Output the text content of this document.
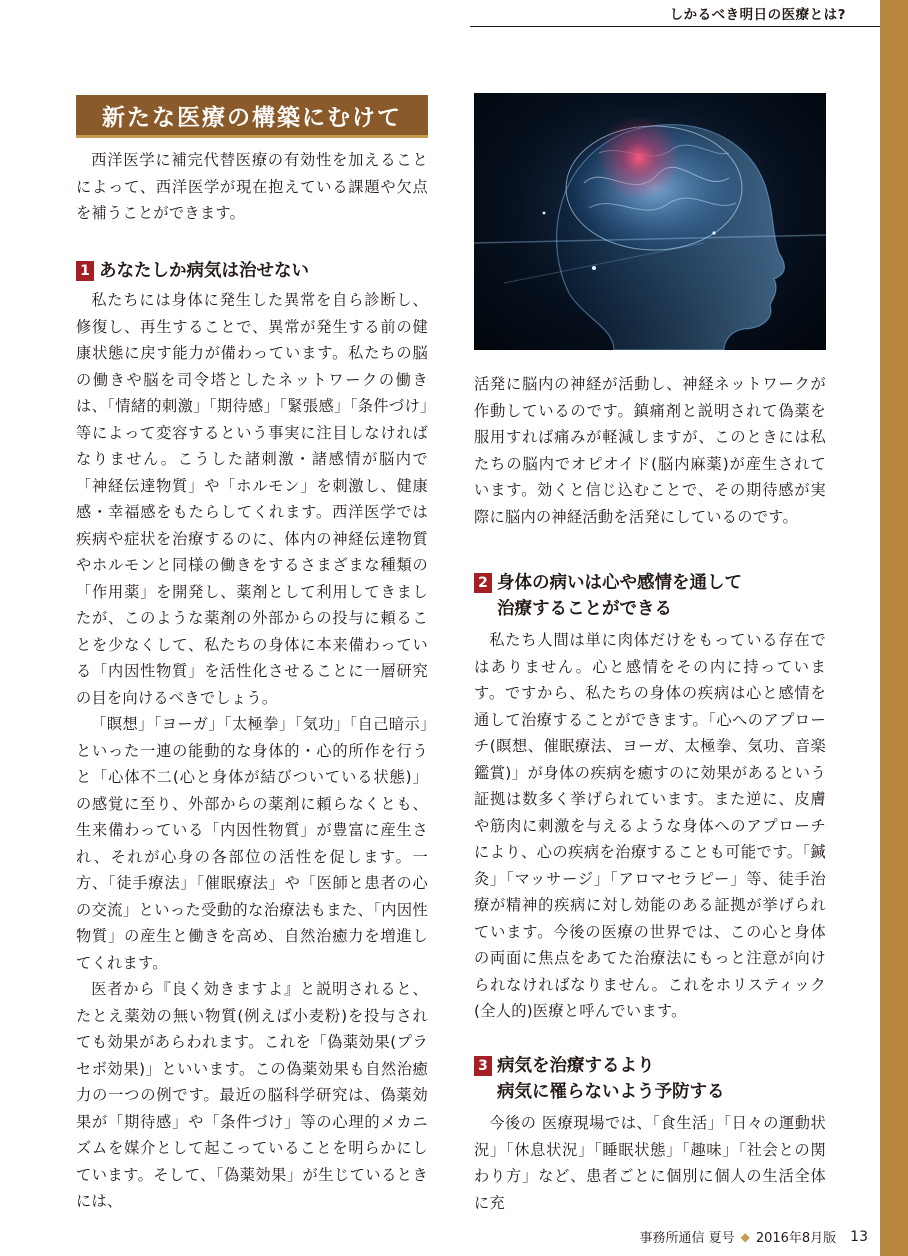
しかるべき明日の医療とは?
新たな医療の構築にむけて

西洋医学に補完代替医療の有効性を加えることによって、西洋医学が現在抱えている課題や欠点を補うことができます。

1 あなたしか病気は治せない

私たちには身体に発生した異常を自ら診断し、修復し、再生することで、異常が発生する前の健康状態に戻す能力が備わっています。私たちの脳の働きや脳を司令塔としたネットワークの働きは、「情緒的刺激」「期待感」「緊張感」「条件づけ」等によって変容するという事実に注目しなければなりません。こうした諸刺激・諸感情が脳内で「神経伝達物質」や「ホルモン」を刺激し、健康感・幸福感をもたらしてくれます。西洋医学では疾病や症状を治療するのに、体内の神経伝達物質やホルモンと同様の働きをするさまざまな種類の「作用薬」を開発し、薬剤として利用してきましたが、このような薬剤の外部からの投与に頼ることを少なくして、私たちの身体に本来備わっている「内因性物質」を活性化させることに一層研究の目を向けるべきでしょう。

「瞑想」「ヨーガ」「太極拳」「気功」「自己暗示」といった一連の能動的な身体的・心的所作を行うと「心体不二(心と身体が結びついている状態)」の感覚に至り、外部からの薬剤に頼らなくとも、生来備わっている「内因性物質」が豊富に産生され、それが心身の各部位の活性を促します。一方、「徒手療法」「催眠療法」や「医師と患者の心の交流」といった受動的な治療法もまた、「内因性物質」の産生と働きを高め、自然治癒力を増進してくれます。

医者から『良く効きますよ』と説明されると、たとえ薬効の無い物質(例えば小麦粉)を投与されても効果があらわれます。これを「偽薬効果(プラセボ効果)」といいます。この偽薬効果も自然治癒力の一つの例です。最近の脳科学研究は、偽薬効果が「期待感」や「条件づけ」等の心理的メカニズムを媒介として起こっていることを明らかにしています。そして、「偽薬効果」が生じているときには、

活発に脳内の神経が活動し、神経ネットワークが作動しているのです。鎮痛剤と説明されて偽薬を服用すれば痛みが軽減しますが、このときには私たちの脳内でオピオイド(脳内麻薬)が産生されています。効くと信じ込むことで、その期待感が実際に脳内の神経活動を活発にしているのです。

2 身体の病いは心や感情を通して
治療することができる

私たち人間は単に肉体だけをもっている存在ではありません。心と感情をその内に持っています。ですから、私たちの身体の疾病は心と感情を通して治療することができます。「心へのアプローチ(瞑想、催眠療法、ヨーガ、太極拳、気功、音楽鑑賞)」が身体の疾病を癒すのに効果があるという証拠は数多く挙げられています。また逆に、皮膚や筋肉に刺激を与えるような身体へのアプローチにより、心の疾病を治療することも可能です。「鍼灸」「マッサージ」「アロマセラピー」等、徒手治療が精神的疾病に対し効能のある証拠が挙げられています。今後の医療の世界では、この心と身体の両面に焦点をあてた治療法にもっと注意が向けられなければなりません。これをホリスティック(全人的)医療と呼んでいます。

3 病気を治療するより
病気に罹らないよう予防する

今後の 医療現場では、「食生活」「日々の運動状況」「休息状況」「睡眠状態」「趣味」「社会との関わり方」など、患者ごとに個別に個人の生活全体に充

事務所通信 夏号 ◆ 2016年8月版 13
